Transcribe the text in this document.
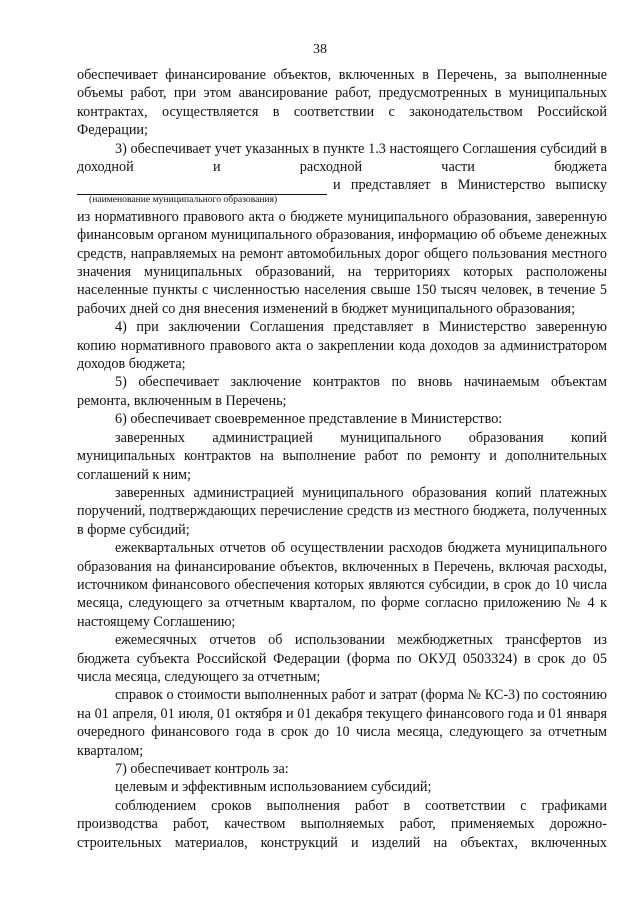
38

обеспечивает финансирование объектов, включенных в Перечень, за выполненные объемы работ, при этом авансирование работ, предусмотренных в муниципальных контрактах, осуществляется в соответствии с законодательством Российской Федерации;

3) обеспечивает учет указанных в пункте 1.3 настоящего Соглашения субсидий в доходной и расходной части бюджета

и представляет в Министерство выписку
(наименование муниципального образования)

из нормативного правового акта о бюджете муниципального образования, заверенную финансовым органом муниципального образования, информацию об объеме денежных средств, направляемых на ремонт автомобильных дорог общего пользования местного значения муниципальных образований, на территориях которых расположены населенные пункты с численностью населения свыше 150 тысяч человек, в течение 5 рабочих дней со дня внесения изменений в бюджет муниципального образования;

4) при заключении Соглашения представляет в Министерство заверенную копию нормативного правового акта о закреплении кода доходов за администратором доходов бюджета;

5) обеспечивает заключение контрактов по вновь начинаемым объектам ремонта, включенным в Перечень;

6) обеспечивает своевременное представление в Министерство:

заверенных администрацией муниципального образования копий муниципальных контрактов на выполнение работ по ремонту и дополнительных соглашений к ним;

заверенных администрацией муниципального образования копий платежных поручений, подтверждающих перечисление средств из местного бюджета, полученных в форме субсидий;

ежеквартальных отчетов об осуществлении расходов бюджета муниципального образования на финансирование объектов, включенных в Перечень, включая расходы, источником финансового обеспечения которых являются субсидии, в срок до 10 числа месяца, следующего за отчетным кварталом, по форме согласно приложению № 4 к настоящему Соглашению;

ежемесячных отчетов об использовании межбюджетных трансфертов из бюджета субъекта Российской Федерации (форма по ОКУД 0503324) в срок до 05 числа месяца, следующего за отчетным;

справок о стоимости выполненных работ и затрат (форма № КС-3) по состоянию на 01 апреля, 01 июля, 01 октября и 01 декабря текущего финансового года и 01 января очередного финансового года в срок до 10 числа месяца, следующего за отчетным кварталом;

7) обеспечивает контроль за:

целевым и эффективным использованием субсидий;

соблюдением сроков выполнения работ в соответствии с графиками производства работ, качеством выполняемых работ, применяемых дорожно-строительных материалов, конструкций и изделий на объектах, включенных
